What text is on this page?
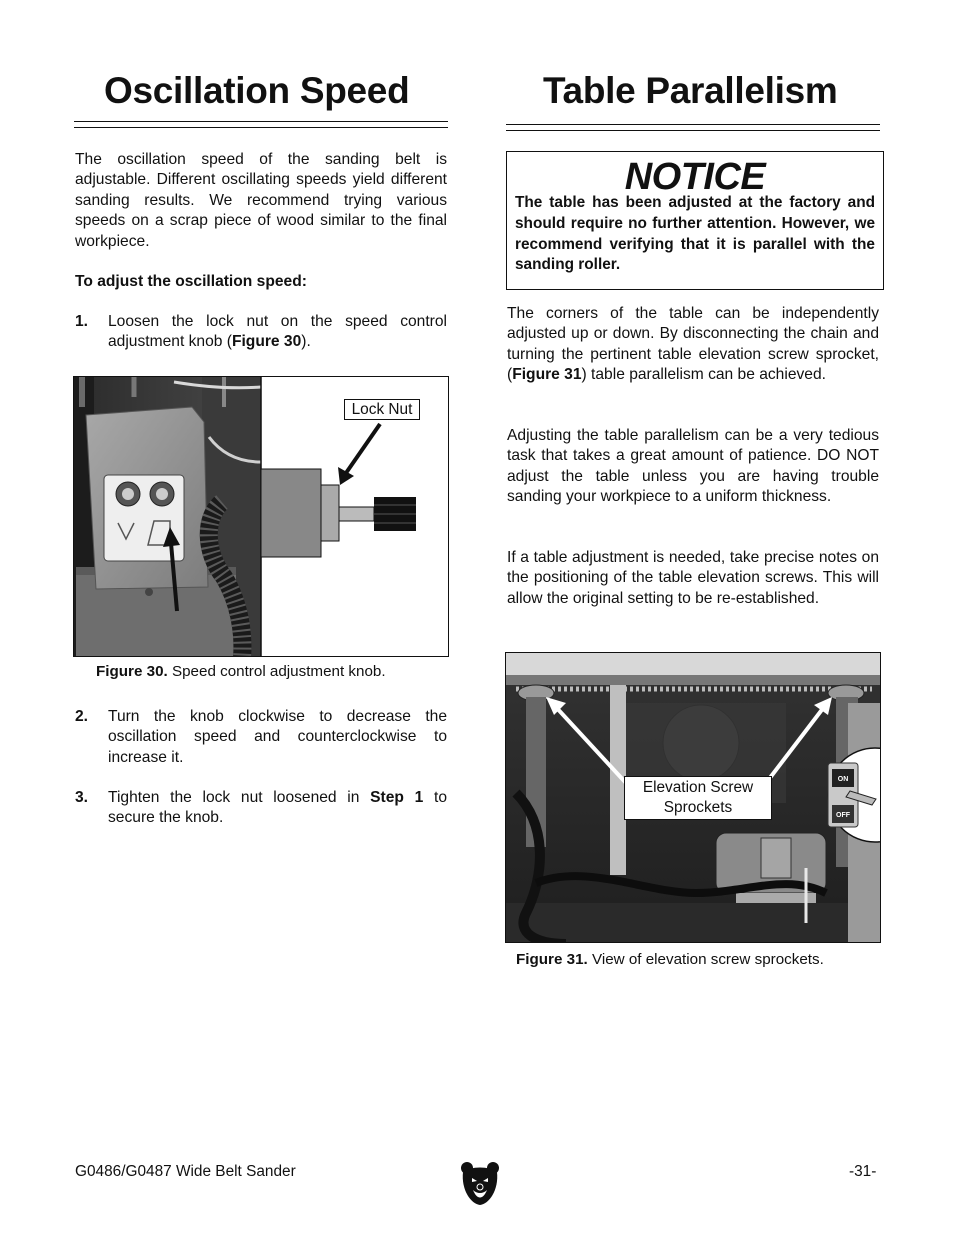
Oscillation Speed
The oscillation speed of the sanding belt is adjustable. Different oscillating speeds yield different sanding results. We recommend trying various speeds on a scrap piece of wood similar to the final workpiece.
To adjust the oscillation speed:
1. Loosen the lock nut on the speed control adjustment knob (Figure 30).
Lock Nut
Figure 30. Speed control adjustment knob.
2. Turn the knob clockwise to decrease the oscillation speed and counterclockwise to increase it.
3. Tighten the lock nut loosened in Step 1 to secure the knob.
Table Parallelism
NOTICE
The table has been adjusted at the factory and should require no further attention. However, we recommend verifying that it is parallel with the sanding roller.
The corners of the table can be independently adjusted up or down. By disconnecting the chain and turning the pertinent table elevation screw sprocket, (Figure 31) table parallelism can be achieved.
Adjusting the table parallelism can be a very tedious task that takes a great amount of patience. DO NOT adjust the table unless you are having trouble sanding your workpiece to a uniform thickness.
If a table adjustment is needed, take precise notes on the positioning of the table elevation screws. This will allow the original setting to be re-established.
ON
OFF
Elevation Screw Sprockets
Figure 31. View of elevation screw sprockets.
G0486/G0487 Wide Belt Sander	-31-
